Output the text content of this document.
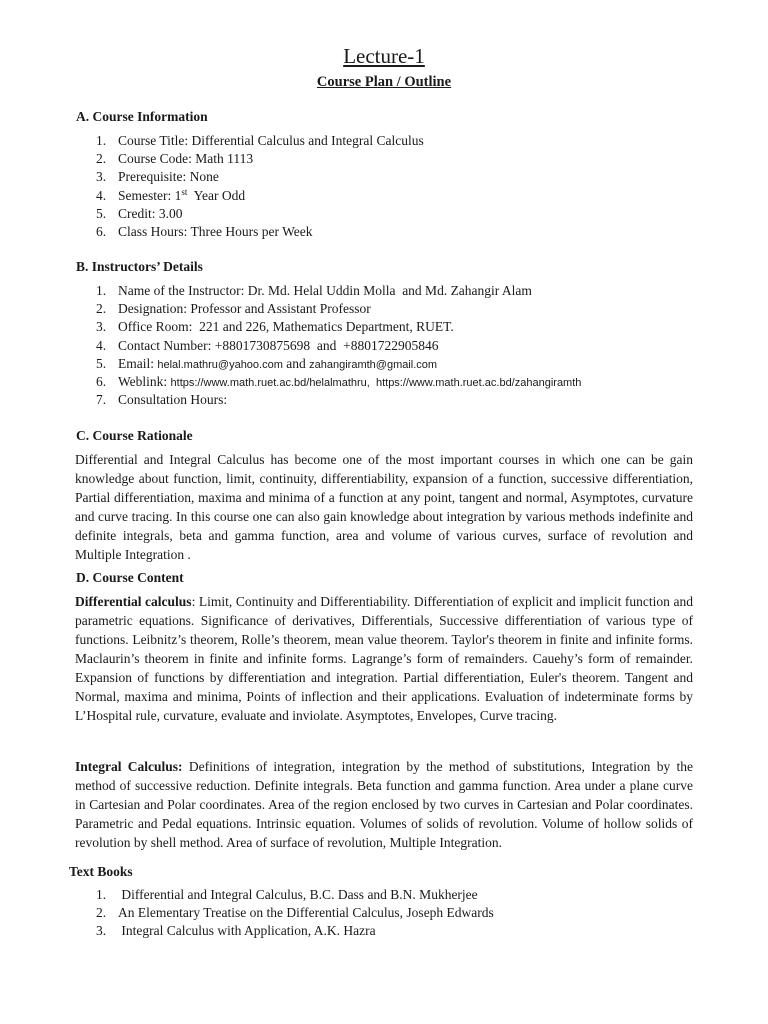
Lecture-1
Course Plan / Outline
A. Course Information
1. Course Title: Differential Calculus and Integral Calculus
2. Course Code: Math 1113
3. Prerequisite: None
4. Semester: 1st  Year Odd
5. Credit: 3.00
6. Class Hours: Three Hours per Week
B. Instructors’ Details
1. Name of the Instructor: Dr. Md. Helal Uddin Molla  and Md. Zahangir Alam
2. Designation: Professor and Assistant Professor
3. Office Room:  221 and 226, Mathematics Department, RUET.
4. Contact Number: +8801730875698  and  +8801722905846
5. Email: helal.mathru@yahoo.com and zahangiramth@gmail.com
6. Weblink: https://www.math.ruet.ac.bd/helalmathru,  https://www.math.ruet.ac.bd/zahangiramth
7. Consultation Hours:
C. Course Rationale

Differential and Integral Calculus has become one of the most important courses in which one can be gain knowledge about function, limit, continuity, differentiability, expansion of a function, successive differentiation, Partial differentiation, maxima and minima of a function at any point, tangent and normal, Asymptotes, curvature and curve tracing. In this course one can also gain knowledge about integration by various methods indefinite and definite integrals, beta and gamma function, area and volume of various curves, surface of revolution and Multiple Integration .

D. Course Content

Differential calculus: Limit, Continuity and Differentiability. Differentiation of explicit and implicit function and parametric equations. Significance of derivatives, Differentials, Successive differentiation of various type of functions. Leibnitz’s theorem, Rolle’s theorem, mean value theorem. Taylor's theorem in finite and infinite forms. Maclaurin’s theorem in finite and infinite forms. Lagrange’s form of remainders. Cauehy’s form of remainder. Expansion of functions by differentiation and integration. Partial differentiation, Euler's theorem. Tangent and Normal, maxima and minima, Points of inflection and their applications. Evaluation of indeterminate forms by L’Hospital rule, curvature, evaluate and inviolate. Asymptotes, Envelopes, Curve tracing.

Integral Calculus: Definitions of integration, integration by the method of substitutions, Integration by the method of successive reduction. Definite integrals. Beta function and gamma function. Area under a plane curve in Cartesian and Polar coordinates. Area of the region enclosed by two curves in Cartesian and Polar coordinates. Parametric and Pedal equations. Intrinsic equation. Volumes of solids of revolution. Volume of hollow solids of revolution by shell method. Area of surface of revolution, Multiple Integration.

Text Books
1. Differential and Integral Calculus, B.C. Dass and B.N. Mukherjee
2. An Elementary Treatise on the Differential Calculus, Joseph Edwards
3. Integral Calculus with Application, A.K. Hazra
